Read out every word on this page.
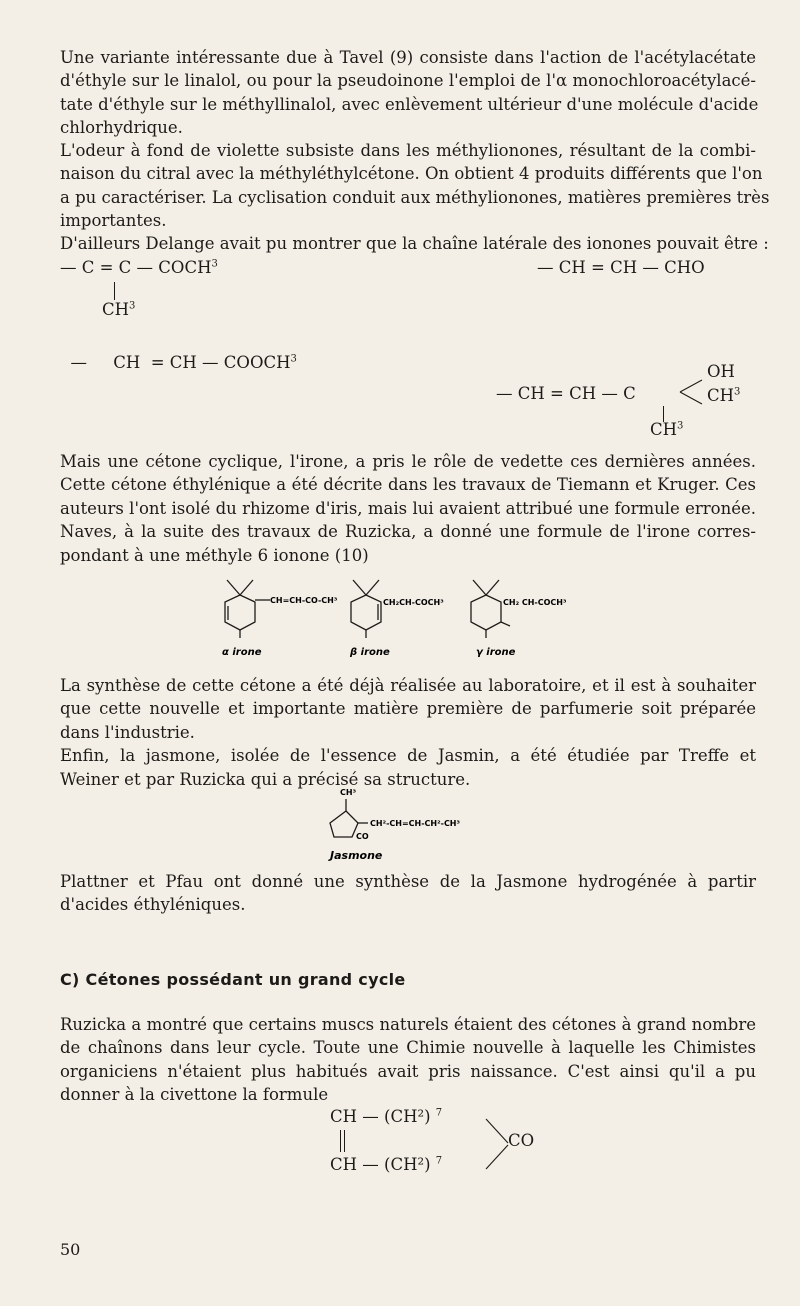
Une variante intéressante due à Tavel (9) consiste dans l'action de l'acétylacétate
d'éthyle sur le linalol, ou pour la pseudoinone l'emploi de l'α monochloroacétylacé-
tate d'éthyle sur le méthyllinalol, avec enlèvement ultérieur d'une molécule d'acide
chlorhydrique.
L'odeur à fond de violette subsiste dans les méthylionones, résultant de la combi-
naison du citral avec la méthyléthylcétone. On obtient 4 produits différents que l'on
a pu caractériser. La cyclisation conduit aux méthylionones, matières premières très
importantes.
D'ailleurs Delange avait pu montrer que la chaîne latérale des ionones pouvait être :
— C = C — COCH$^3$
$CH^3$
— CH = CH — CHO

—     CH  = CH — COOCH$^3$

— CH = CH — C
OH
$CH^3$
$CH^3$
Mais une cétone cyclique, l'irone, a pris le rôle de vedette ces dernières années.
Cette cétone éthylénique a été décrite dans les travaux de Tiemann et Kruger. Ces
auteurs l'ont isolé du rhizome d'iris, mais lui avaient attribué une formule erronée.
Naves, à la suite des travaux de Ruzicka, a donné une formule de l'irone corres-
pondant à une méthyle 6 ionone (10)
CH=CH-CO-CH³
α irone
CH₂CH-COCH³
β irone
CH₂ CH-COCH³
γ irone
La synthèse de cette cétone a été déjà réalisée au laboratoire, et il est à souhaiter
que cette nouvelle et importante matière première de parfumerie soit préparée
dans l'industrie.
Enfin, la jasmone, isolée de l'essence de Jasmin, a été étudiée par Treffe et
Weiner et par Ruzicka qui a précisé sa structure.
CH³
CH²-CH=CH-CH²-CH³
CO
Jasmone
Plattner et Pfau ont donné une synthèse de la Jasmone hydrogénée à partir
d'acides éthyléniques.
C) Cétones possédant un grand cycle
Ruzicka a montré que certains muscs naturels étaient des cétones à grand nombre
de chaînons dans leur cycle. Toute une Chimie nouvelle à laquelle les Chimistes
organiciens n'étaient plus habitués avait pris naissance. C'est ainsi qu'il a pu
donner à la civettone la formule
CH — (CH²) $^7$
CH — (CH²) $^7$
CO
50
